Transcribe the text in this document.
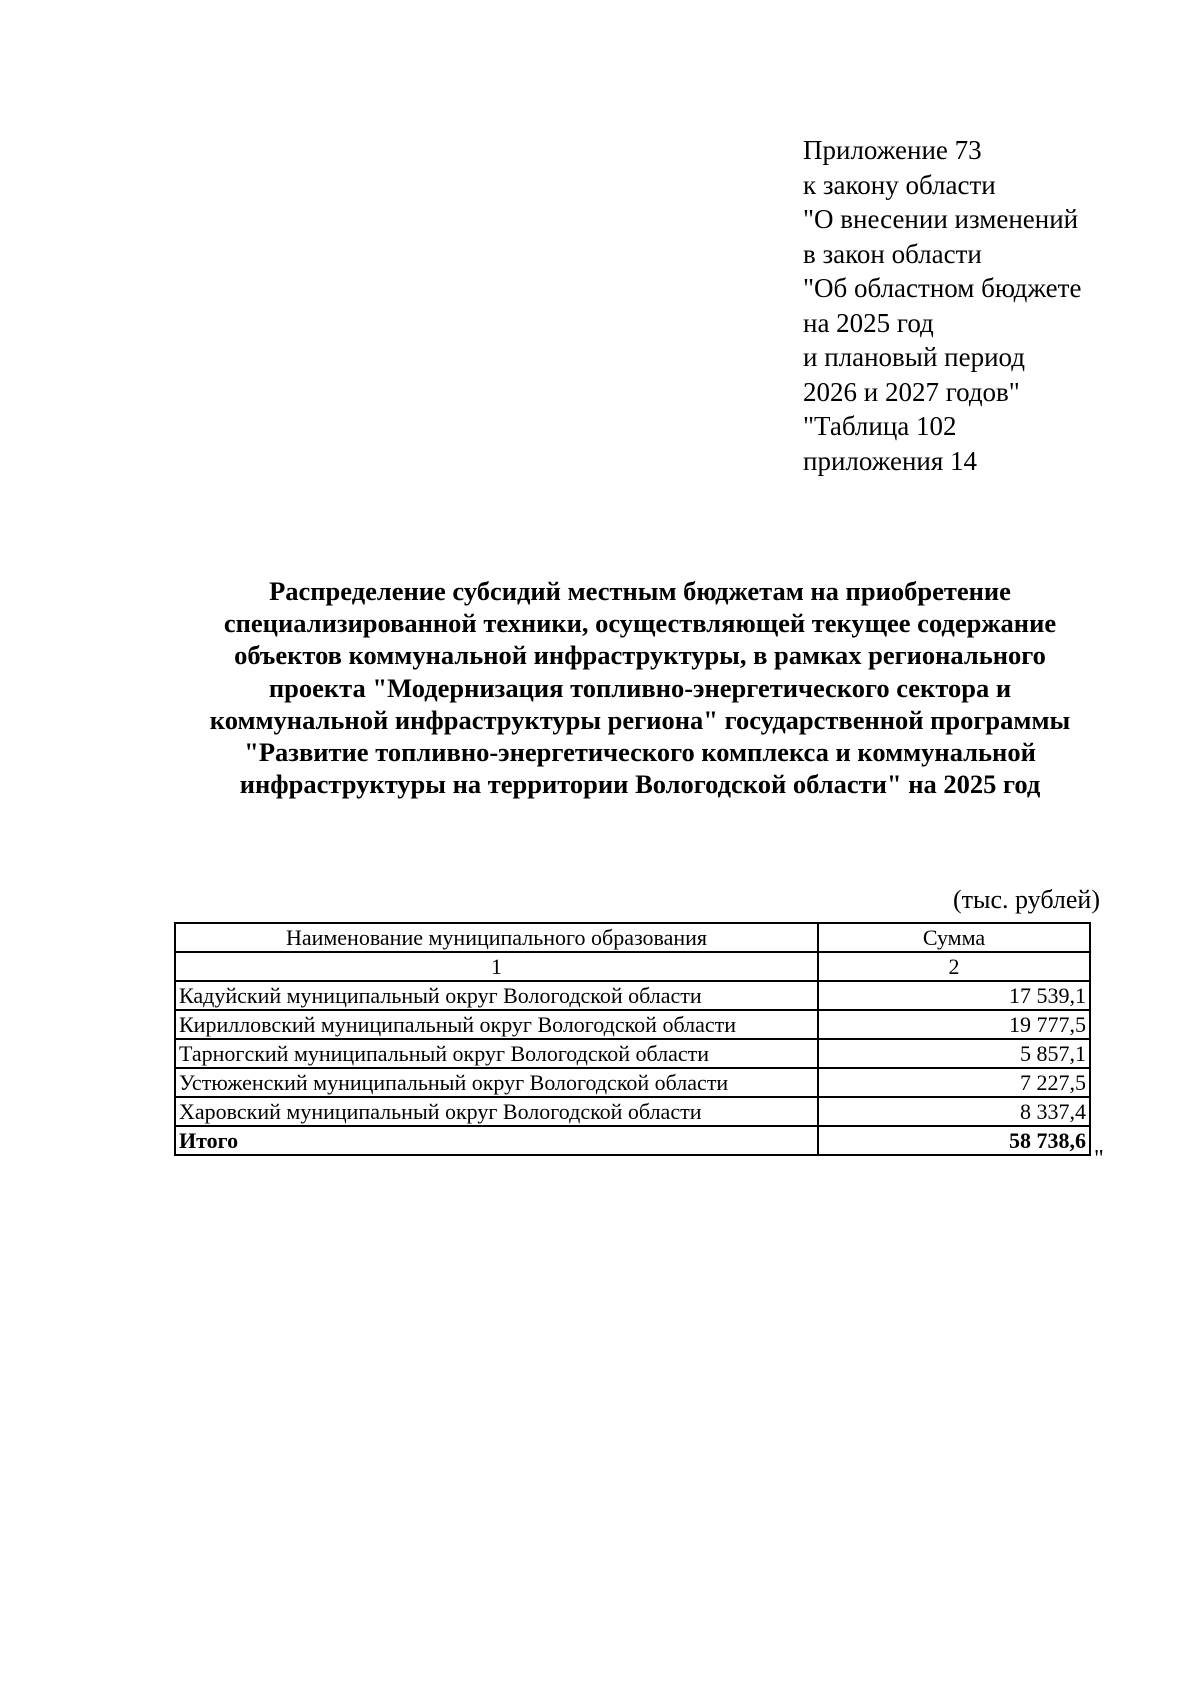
Приложение 73
к закону области
"О внесении изменений
в закон области
"Об областном бюджете
на 2025 год
и плановый период
2026 и 2027 годов"
"Таблица 102
приложения 14
Распределение субсидий местным бюджетам на приобретение
специализированной техники, осуществляющей текущее содержание
объектов коммунальной инфраструктуры, в рамках регионального
проекта "Модернизация топливно-энергетического сектора и
коммунальной инфраструктуры региона" государственной программы
"Развитие топливно-энергетического комплекса и коммунальной
инфраструктуры на территории Вологодской области" на 2025 год
(тыс. рублей)
Наименование муниципального образования	Сумма
1	2
Кадуйский муниципальный округ Вологодской области	17 539,1
Кирилловский муниципальный округ Вологодской области	19 777,5
Тарногский муниципальный округ Вологодской области	5 857,1
Устюженский муниципальный округ Вологодской области	7 227,5
Харовский муниципальный округ Вологодской области	8 337,4
Итого	58 738,6
"
